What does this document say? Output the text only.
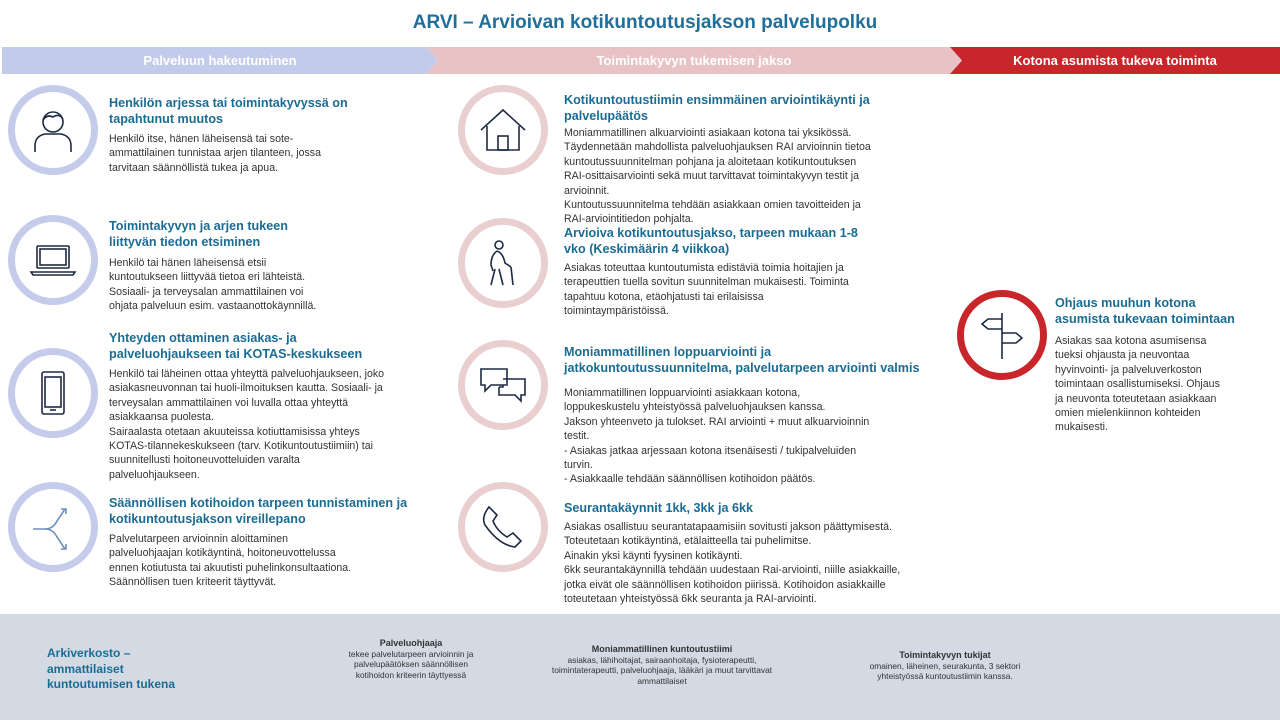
ARVI – Arvioivan kotikuntoutusjakson palvelupolku
Palveluun hakeutuminen	Toimintakyvyn tukemisen jakso	Kotona asumista tukeva toiminta
Henkilön arjessa tai toimintakyvyssä on tapahtunut muutos

Henkilö itse, hänen läheisensä tai sote-
ammattilainen tunnistaa arjen tilanteen, jossa
tarvitaan säännöllistä tukea ja apua.

Toimintakyvyn ja arjen tukeen liittyvän tiedon etsiminen

Henkilö tai hänen läheisensä etsii
kuntoutukseen liittyvää tietoa eri lähteistä.
Sosiaali- ja terveysalan ammattilainen voi
ohjata palveluun esim. vastaanottokäynnillä.

Yhteyden ottaminen asiakas- ja palveluohjaukseen tai KOTAS-keskukseen

Henkilö tai läheinen ottaa yhteyttä palveluohjaukseen, joko
asiakasneuvonnan tai huoli-ilmoituksen kautta. Sosiaali- ja
terveysalan ammattilainen voi luvalla ottaa yhteyttä
asiakkaansa puolesta.
Sairaalasta otetaan akuuteissa kotiuttamisissa yhteys
KOTAS-tilannekeskukseen (tarv. Kotikuntoutustiimiin) tai
suunnitellusti hoitoneuvotteluiden varalta
palveluohjaukseen.

Säännöllisen kotihoidon tarpeen tunnistaminen ja kotikuntoutusjakson vireillepano

Palvelutarpeen arvioinnin aloittaminen
palveluohjaajan kotikäyntinä, hoitoneuvottelussa
ennen kotiutusta tai akuutisti puhelinkonsultaationa.
Säännöllisen tuen kriteerit täyttyvät.

Kotikuntoutustiimin ensimmäinen arviointikäynti ja palvelupäätös

Moniammatillinen alkuarviointi asiakaan kotona tai yksikössä.
Täydennetään mahdollista palveluohjauksen RAI arvioinnin tietoa
kuntoutussuunnitelman pohjana ja aloitetaan kotikuntoutuksen
RAI-osittaisarviointi sekä muut tarvittavat toimintakyvyn testit ja
arvioinnit.
Kuntoutussuunnitelma tehdään asiakkaan omien tavoitteiden ja
RAI-arviointitiedon pohjalta.

Arvioiva kotikuntoutusjakso, tarpeen mukaan 1-8 vko (Keskimäärin 4 viikkoa)

Asiakas toteuttaa kuntoutumista edistäviä toimia hoitajien ja
terapeuttien tuella sovitun suunnitelman mukaisesti. Toiminta
tapahtuu kotona, etäohjatusti tai erilaisissa
toimintaympäristöissä.

Moniammatillinen loppuarviointi ja jatkokuntoutussuunnitelma, palvelutarpeen arviointi valmis

Moniammatillinen loppuarviointi asiakkaan kotona,
loppukeskustelu yhteistyössä palveluohjauksen kanssa.
Jakson yhteenveto ja tulokset. RAI arviointi + muut alkuarvioinnin
testit.
- Asiakas jatkaa arjessaan kotona itsenäisesti / tukipalveluiden
turvin.
- Asiakkaalle tehdään säännöllisen kotihoidon päätös.

Seurantakäynnit 1kk, 3kk ja 6kk

Asiakas osallistuu seurantatapaamisiin sovitusti jakson päättymisestä.
Toteutetaan kotikäyntinä, etälaitteella tai puhelimitse.
Ainakin yksi käynti fyysinen kotikäynti.
6kk seurantakäynnillä tehdään uudestaan Rai-arviointi, niille asiakkaille,
jotka eivät ole säännöllisen kotihoidon piirissä. Kotihoidon asiakkaille
toteutetaan yhteistyössä 6kk seuranta ja RAI-arviointi.

Ohjaus muuhun kotona asumista tukevaan toimintaan

Asiakas saa kotona asumisensa
tueksi ohjausta ja neuvontaa
hyvinvointi- ja palveluverkoston
toimintaan osallistumiseksi. Ohjaus
ja neuvonta toteutetaan asiakkaan
omien mielenkiinnon kohteiden
mukaisesti.

Arkiverkosto –
ammattilaiset
kuntoutumisen tukena
Palveluohjaaja
tekee palvelutarpeen arvioinnin ja
palvelupäätöksen säännöllisen
kotihoidon kriteerin täyttyessä
Moniammatillinen kuntoutustiimi
asiakas, lähihoitajat, sairaanhoitaja, fysioterapeutti,
toimintaterapeutti, palveluohjaaja, lääkäri ja muut tarvittavat
ammattilaiset
Toimintakyvyn tukijat
omainen, läheinen, seurakunta, 3 sektori
yhteistyössä kuntoutustiimin kanssa.
